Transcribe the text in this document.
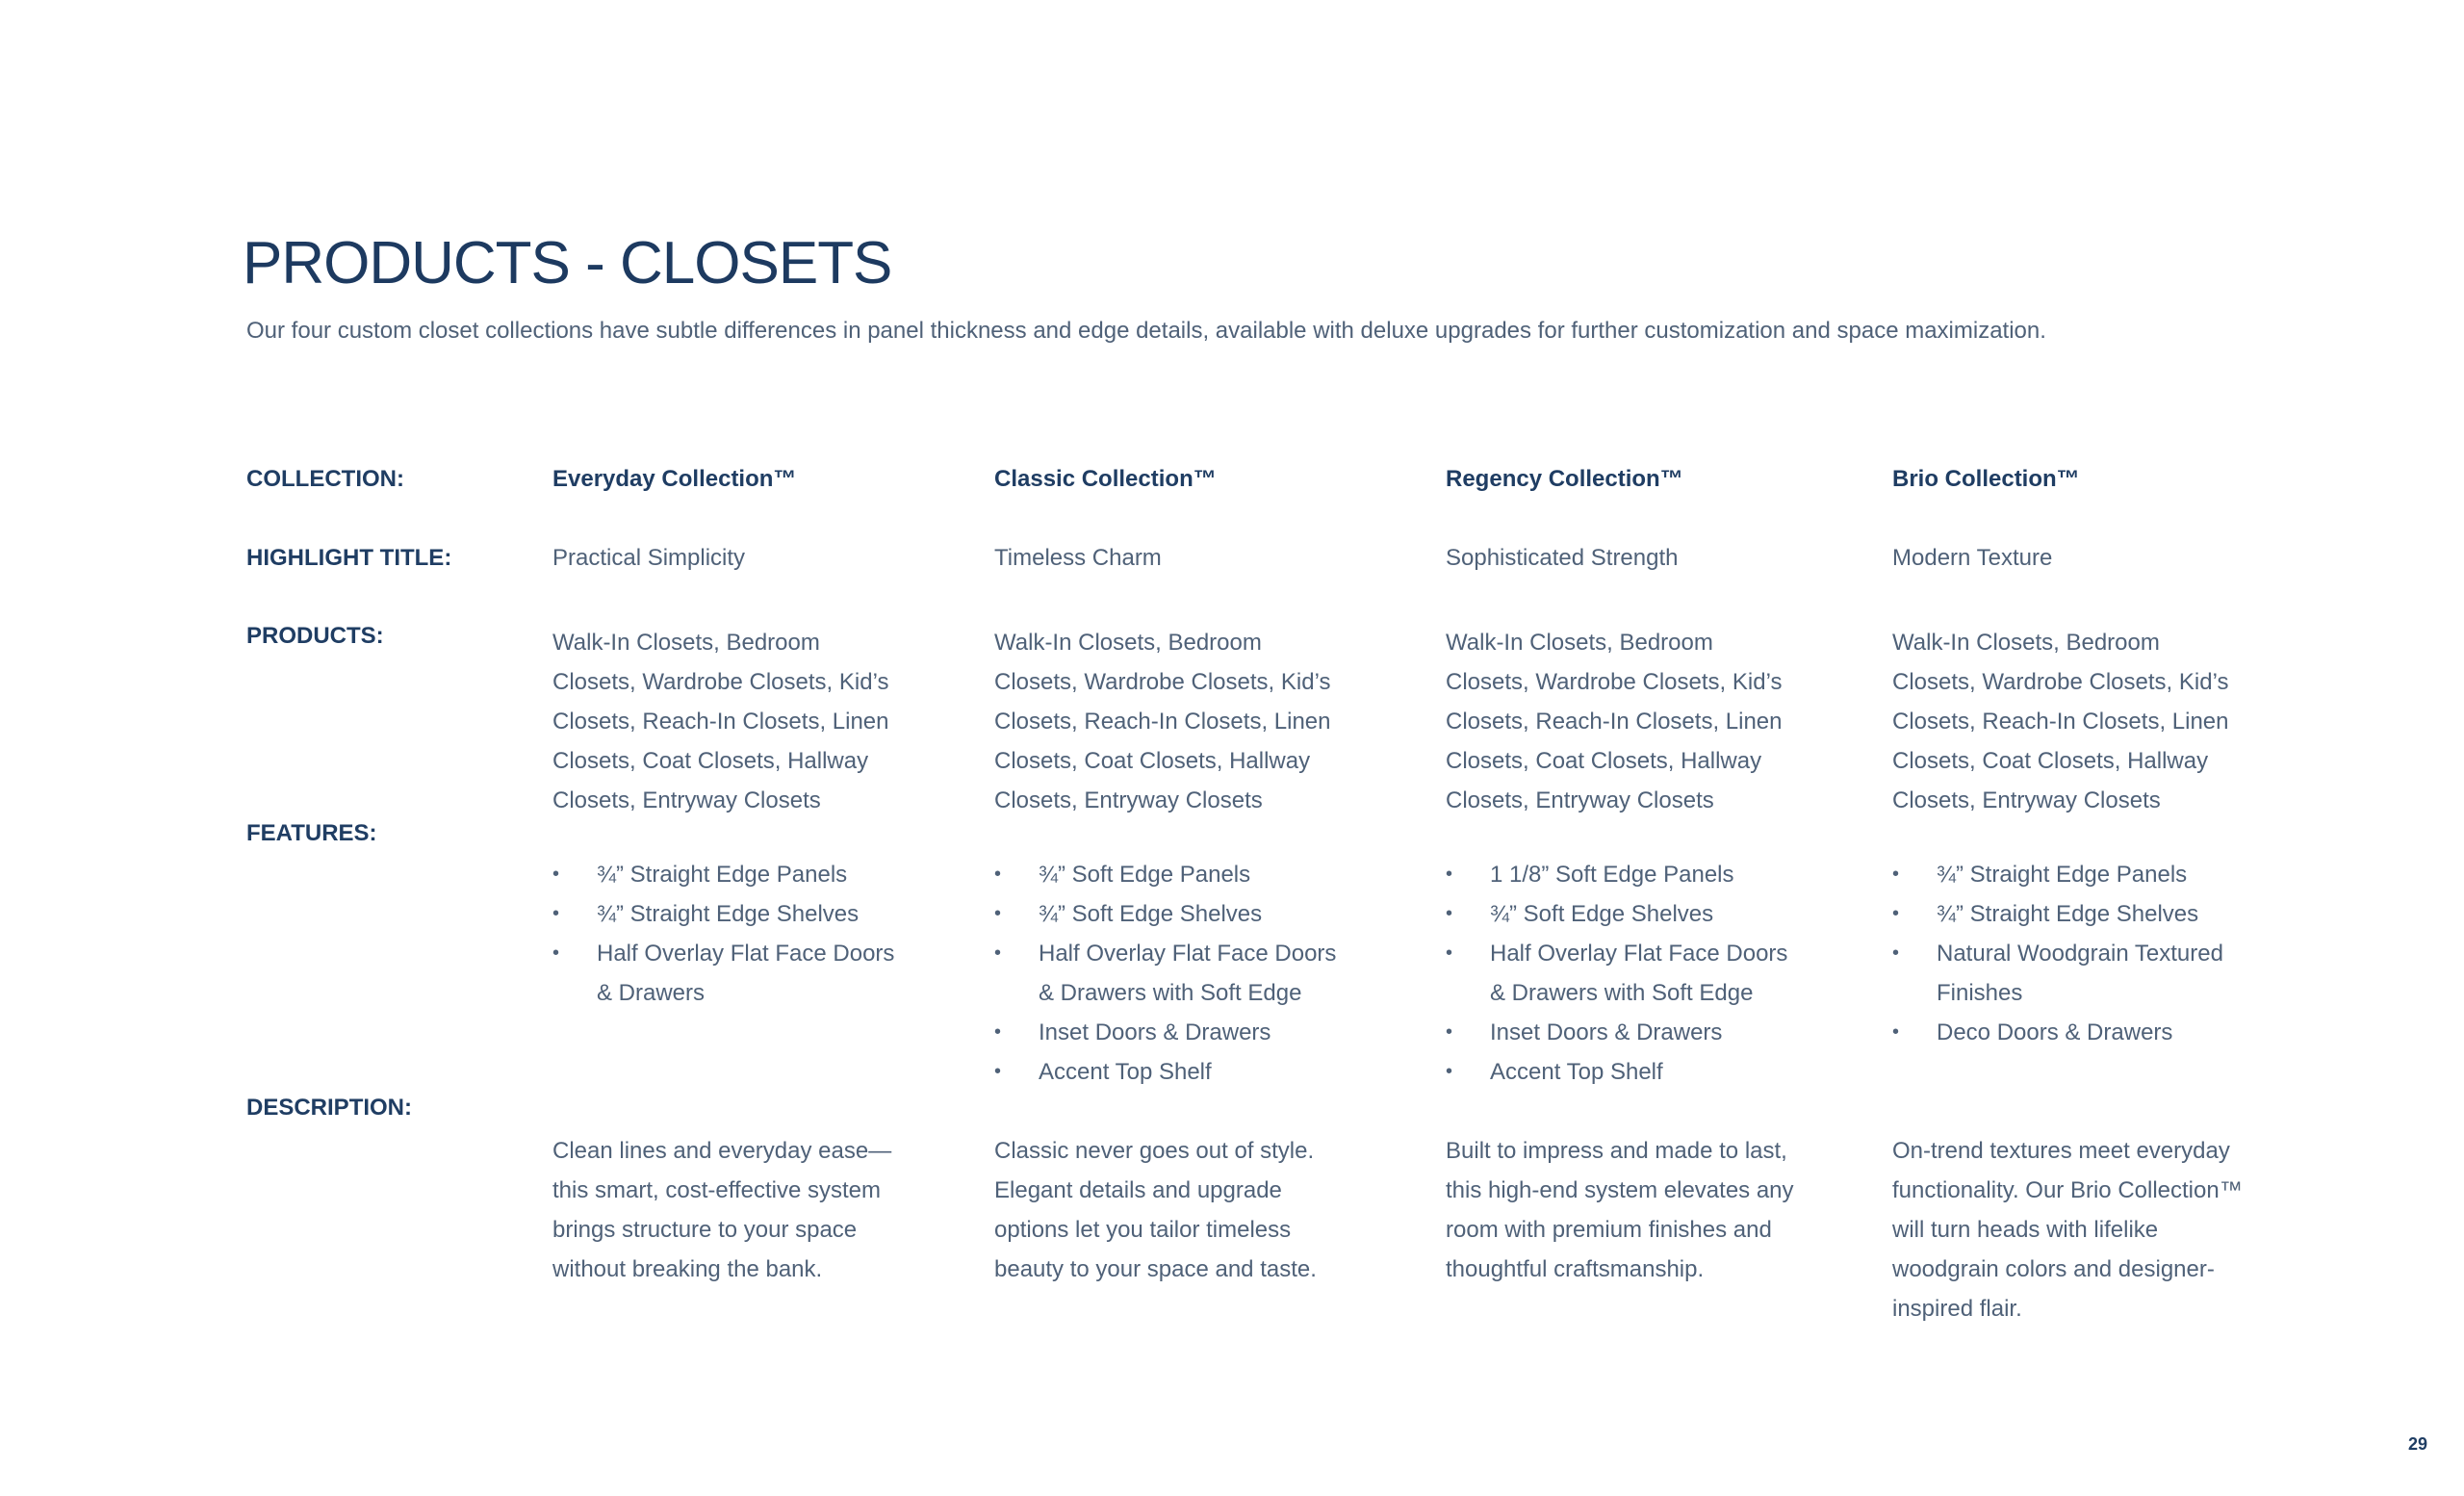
PRODUCTS - CLOSETS

Our four custom closet collections have subtle differences in panel thickness and edge details, available with deluxe upgrades for further customization and space maximization.

COLLECTION:
HIGHLIGHT TITLE:
PRODUCTS:
FEATURES:
DESCRIPTION:
Everyday Collection™
Practical Simplicity
Walk-In Closets, Bedroom Closets, Wardrobe Closets, Kid’s Closets, Reach-In Closets, Linen Closets, Coat Closets, Hallway Closets, Entryway Closets
• ¾” Straight Edge Panels
• ¾” Straight Edge Shelves
• Half Overlay Flat Face Doors & Drawers
Clean lines and everyday ease—this smart, cost-effective system brings structure to your space without breaking the bank.
Classic Collection™
Timeless Charm
Walk-In Closets, Bedroom Closets, Wardrobe Closets, Kid’s Closets, Reach-In Closets, Linen Closets, Coat Closets, Hallway Closets, Entryway Closets
• ¾” Soft Edge Panels
• ¾” Soft Edge Shelves
• Half Overlay Flat Face Doors & Drawers with Soft Edge
• Inset Doors & Drawers
• Accent Top Shelf
Classic never goes out of style. Elegant details and upgrade options let you tailor timeless beauty to your space and taste.
Regency Collection™
Sophisticated Strength
Walk-In Closets, Bedroom Closets, Wardrobe Closets, Kid’s Closets, Reach-In Closets, Linen Closets, Coat Closets, Hallway Closets, Entryway Closets
• 1 1/8” Soft Edge Panels
• ¾” Soft Edge Shelves
• Half Overlay Flat Face Doors & Drawers with Soft Edge
• Inset Doors & Drawers
• Accent Top Shelf
Built to impress and made to last, this high-end system elevates any room with premium finishes and thoughtful craftsmanship.
Brio Collection™
Modern Texture
Walk-In Closets, Bedroom Closets, Wardrobe Closets, Kid’s Closets, Reach-In Closets, Linen Closets, Coat Closets, Hallway Closets, Entryway Closets
• ¾” Straight Edge Panels
• ¾” Straight Edge Shelves
• Natural Woodgrain Textured Finishes
• Deco Doors & Drawers
On-trend textures meet everyday functionality. Our Brio Collection™ will turn heads with lifelike woodgrain colors and designer-inspired flair.
29
